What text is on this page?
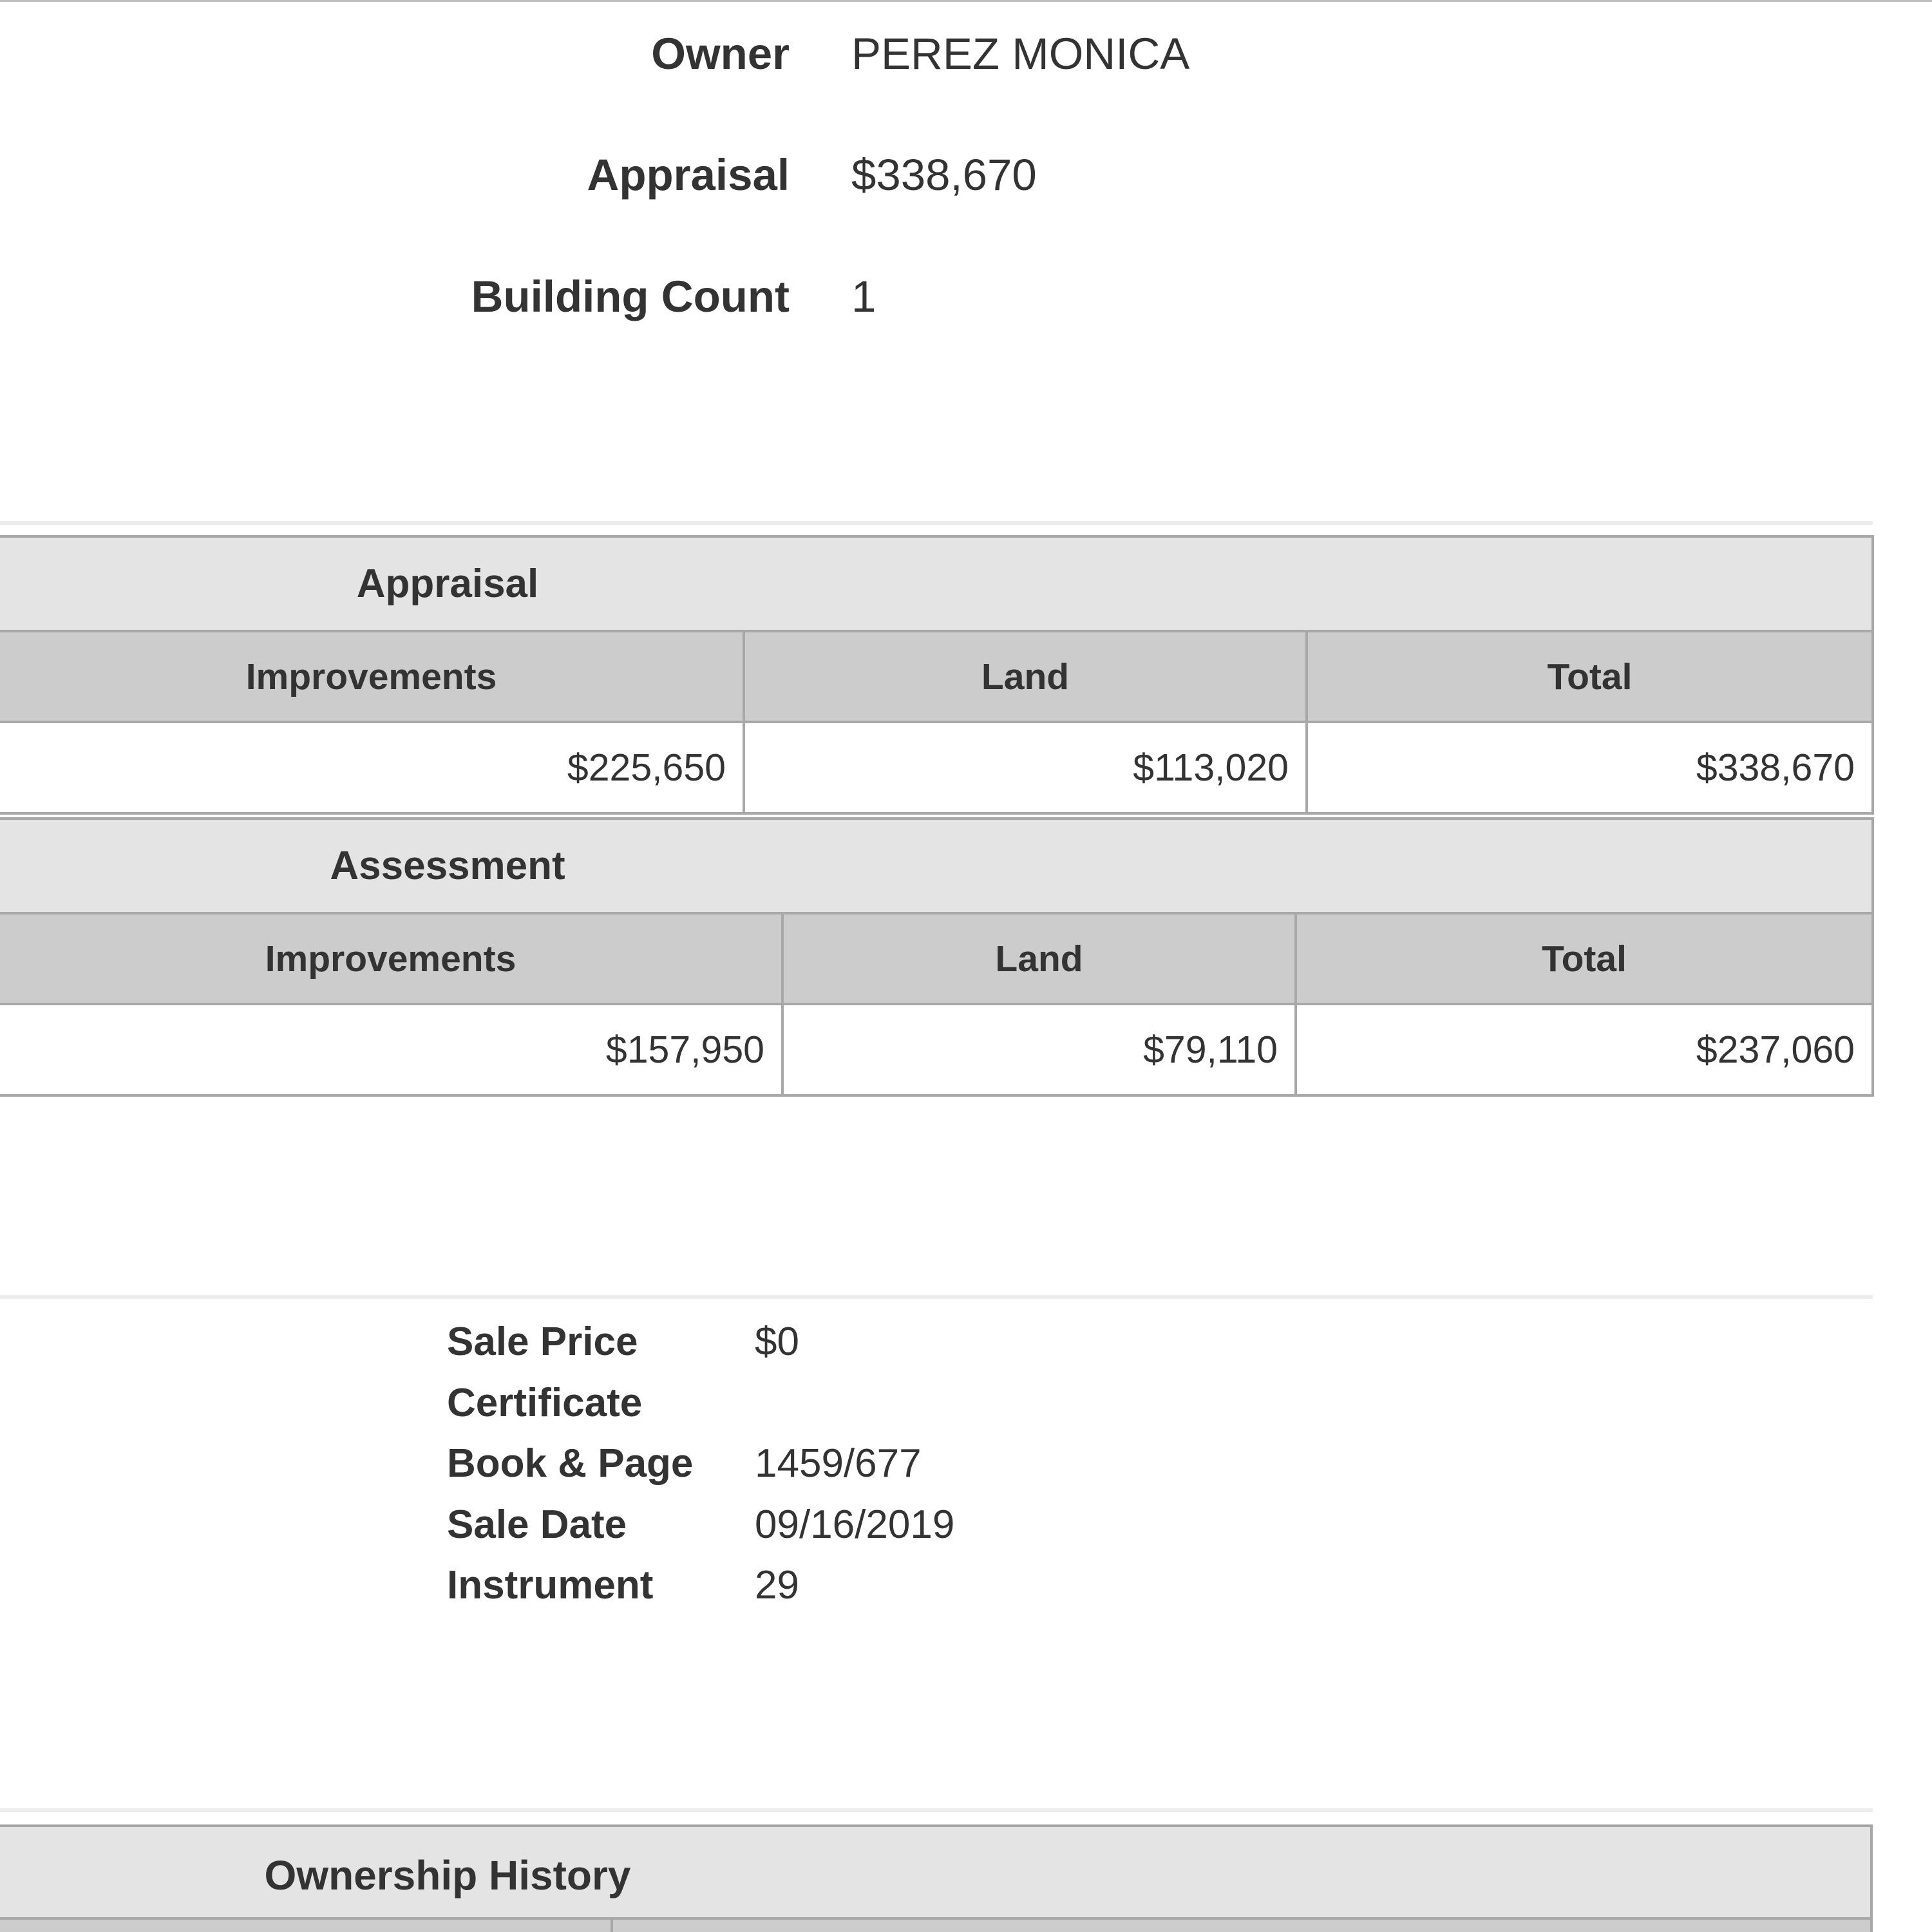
Owner PEREZ MONICA
Appraisal $338,670
Building Count 1
Appraisal		
Improvements	Land	Total
$225,650	$113,020	$338,670
Assessment		
Improvements	Land	Total
$157,950	$79,110	$237,060
Sale Price	$0
Certificate
Book & Page 1459/677
Sale Date	09/16/2019
Instrument	29
Ownership History
